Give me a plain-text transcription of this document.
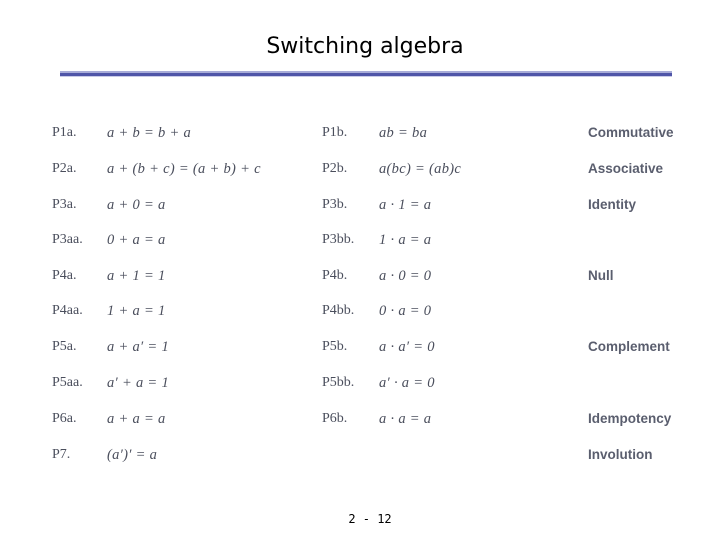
Switching algebra
P1a. a + b = b + a	P1b. ab = ba	Commutative
P2a. a + (b + c) = (a + b) + c	P2b. a(bc) = (ab)c	Associative
P3a. a + 0 = a	P3b. a · 1 = a	Identity
P3aa. 0 + a = a	P3bb. 1 · a = a
P4a. a + 1 = 1	P4b. a · 0 = 0	Null
P4aa. 1 + a = 1	P4bb. 0 · a = 0
P5a. a + a′ = 1	P5b. a · a′ = 0	Complement
P5aa. a′ + a = 1	P5bb. a′ · a = 0
P6a. a + a = a	P6b. a · a = a	Idempotency
P7.	(a′)′ = a	Involution
2 - 12
